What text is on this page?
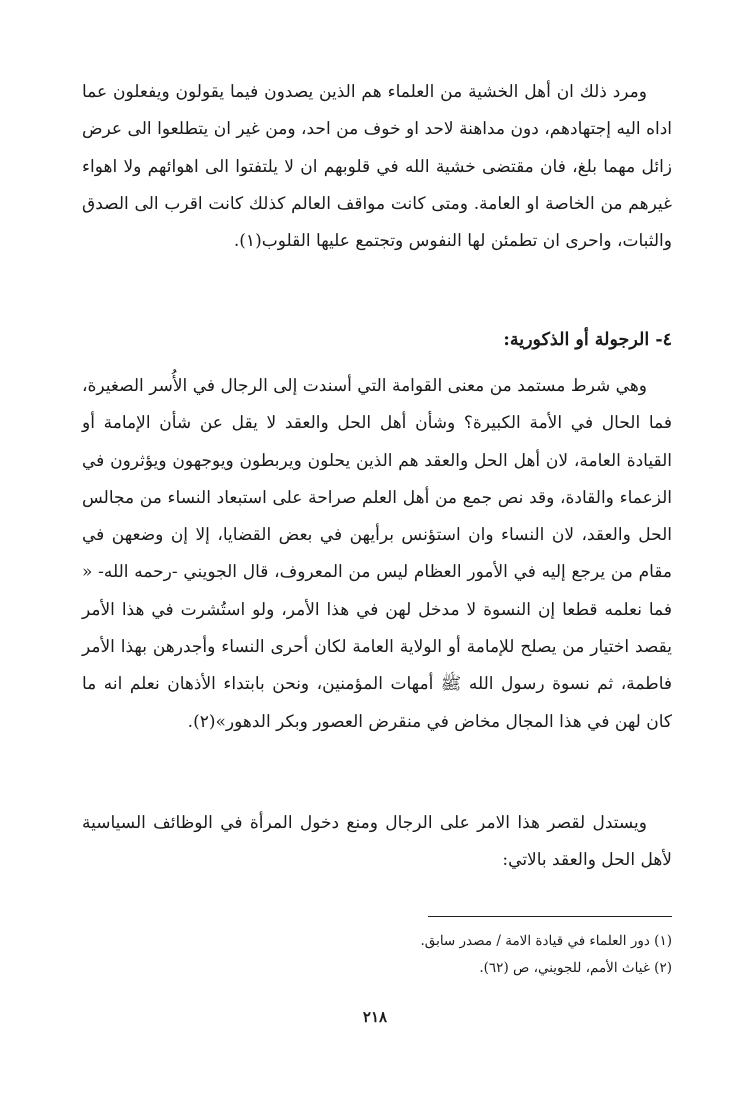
ومرد ذلك ان أهل الخشية من العلماء هم الذين يصدون فيما يقولون ويفعلون عما اداه اليه إجتهادهم، دون مداهنة لاحد او خوف من احد، ومن غير ان يتطلعوا الى عرض زائل مهما بلغ، فان مقتضى خشية الله في قلوبهم ان لا يلتفتوا الى اهوائهم ولا اهواء غيرهم من الخاصة او العامة. ومتى كانت مواقف العالم كذلك كانت اقرب الى الصدق والثبات، واحرى ان تطمئن لها النفوس وتجتمع عليها القلوب(١).

٤- الرجولة أو الذكورية:

وهي شرط مستمد من معنى القوامة التي أسندت إلى الرجال في الأُسر الصغيرة، فما الحال في الأمة الكبيرة؟ وشأن أهل الحل والعقد لا يقل عن شأن الإمامة أو القيادة العامة، لان أهل الحل والعقد هم الذين يحلون ويربطون ويوجهون ويؤثرون في الزعماء والقادة، وقد نص جمع من أهل العلم صراحة على استبعاد النساء من مجالس الحل والعقد، لان النساء وان استؤنس برأيهن في بعض القضايا، إلا إن وضعهن في مقام من يرجع إليه في الأمور العظام ليس من المعروف، قال الجويني -رحمه الله- « فما نعلمه قطعا إن النسوة لا مدخل لهن في هذا الأمر، ولو استُشرت في هذا الأمر يقصد اختيار من يصلح للإمامة أو الولاية العامة لكان أحرى النساء وأجدرهن بهذا الأمر فاطمة، ثم نسوة رسول الله ﷺ أمهات المؤمنين، ونحن بابتداء الأذهان نعلم انه ما كان لهن في هذا المجال مخاض في منقرض العصور وبكر الدهور»(٢).

ويستدل لقصر هذا الامر على الرجال ومنع دخول المرأة في الوظائف السياسية لأهل الحل والعقد بالاتي:

(١) دور العلماء في قيادة الامة / مصدر سابق.
(٢) غياث الأمم، للجويني، ص (٦٢).
٢١٨
